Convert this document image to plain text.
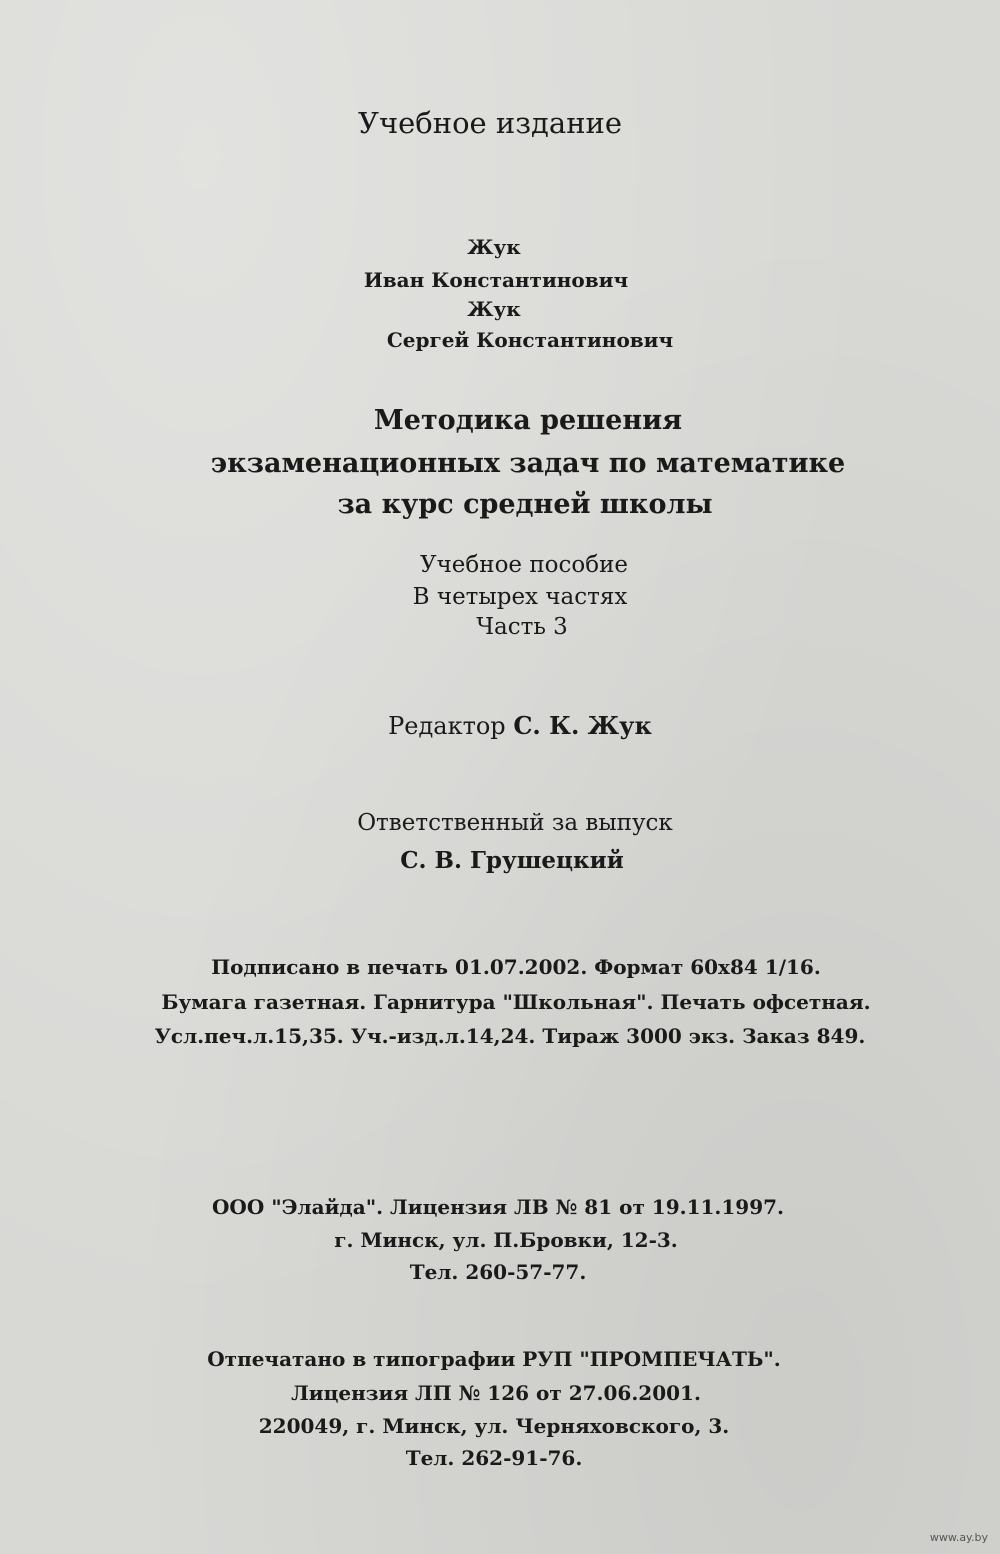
Учебное издание
Жук
Иван Константинович
Жук
Сергей Константинович
Методика решения
экзаменационных задач по математике
за курс средней школы
Учебное пособие
В четырех частях
Часть 3
Редактор С. К. Жук
Ответственный за выпуск
С. В. Грушецкий
Подписано в печать 01.07.2002. Формат 60x84 1/16.
Бумага газетная. Гарнитура "Школьная". Печать офсетная.
Усл.печ.л.15,35. Уч.-изд.л.14,24. Тираж 3000 экз. Заказ 849.
ООО "Элайда". Лицензия ЛВ № 81 от 19.11.1997.
г. Минск, ул. П.Бровки, 12-3.
Тел. 260-57-77.
Отпечатано в типографии РУП "ПРОМПЕЧАТЬ".
Лицензия ЛП № 126 от 27.06.2001.
220049, г. Минск, ул. Черняховского, 3.
Тел. 262-91-76.
www.ay.by
